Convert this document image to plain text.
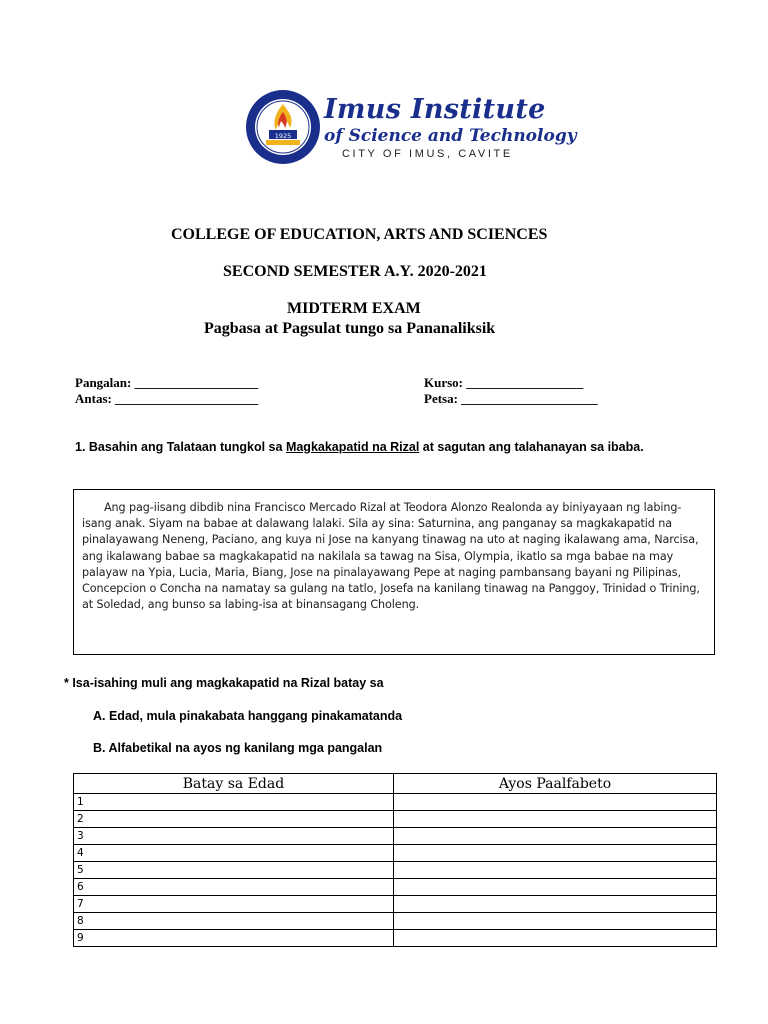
1925
Imus Institute
of Science and Technology
CITY OF IMUS, CAVITE
COLLEGE OF EDUCATION, ARTS AND SCIENCES
SECOND SEMESTER A.Y. 2020-2021
MIDTERM EXAM
Pagbasa at Pagsulat tungo sa Pananaliksik
Pangalan: ___________________
Antas: ______________________
Kurso: __________________
Petsa: _____________________
1. Basahin ang Talataan tungkol sa Magkakapatid na Rizal at sagutan ang talahanayan sa ibaba.
Ang pag-iisang dibdib nina Francisco Mercado Rizal at Teodora Alonzo Realonda ay biniyayaan ng labing-isang anak. Siyam na babae at dalawang lalaki. Sila ay sina: Saturnina, ang panganay sa magkakapatid na pinalayawang Neneng, Paciano, ang kuya ni Jose na kanyang tinawag na uto at naging ikalawang ama, Narcisa, ang ikalawang babae sa magkakapatid na nakilala sa tawag na Sisa, Olympia, ikatlo sa mga babae na may palayaw na Ypia, Lucia, Maria, Biang, Jose na pinalayawang Pepe at naging pambansang bayani ng Pilipinas, Concepcion o Concha na namatay sa gulang na tatlo, Josefa na kanilang tinawag na Panggoy, Trinidad o Trining, at Soledad, ang bunso sa labing-isa at binansagang Choleng.
* Isa-isahing muli ang magkakapatid na Rizal batay sa
A. Edad, mula pinakabata hanggang pinakamatanda
B. Alfabetikal na ayos ng kanilang mga pangalan
Batay sa Edad	Ayos Paalfabeto
1	
2	
3	
4	
5	
6	
7	
8	
9	
